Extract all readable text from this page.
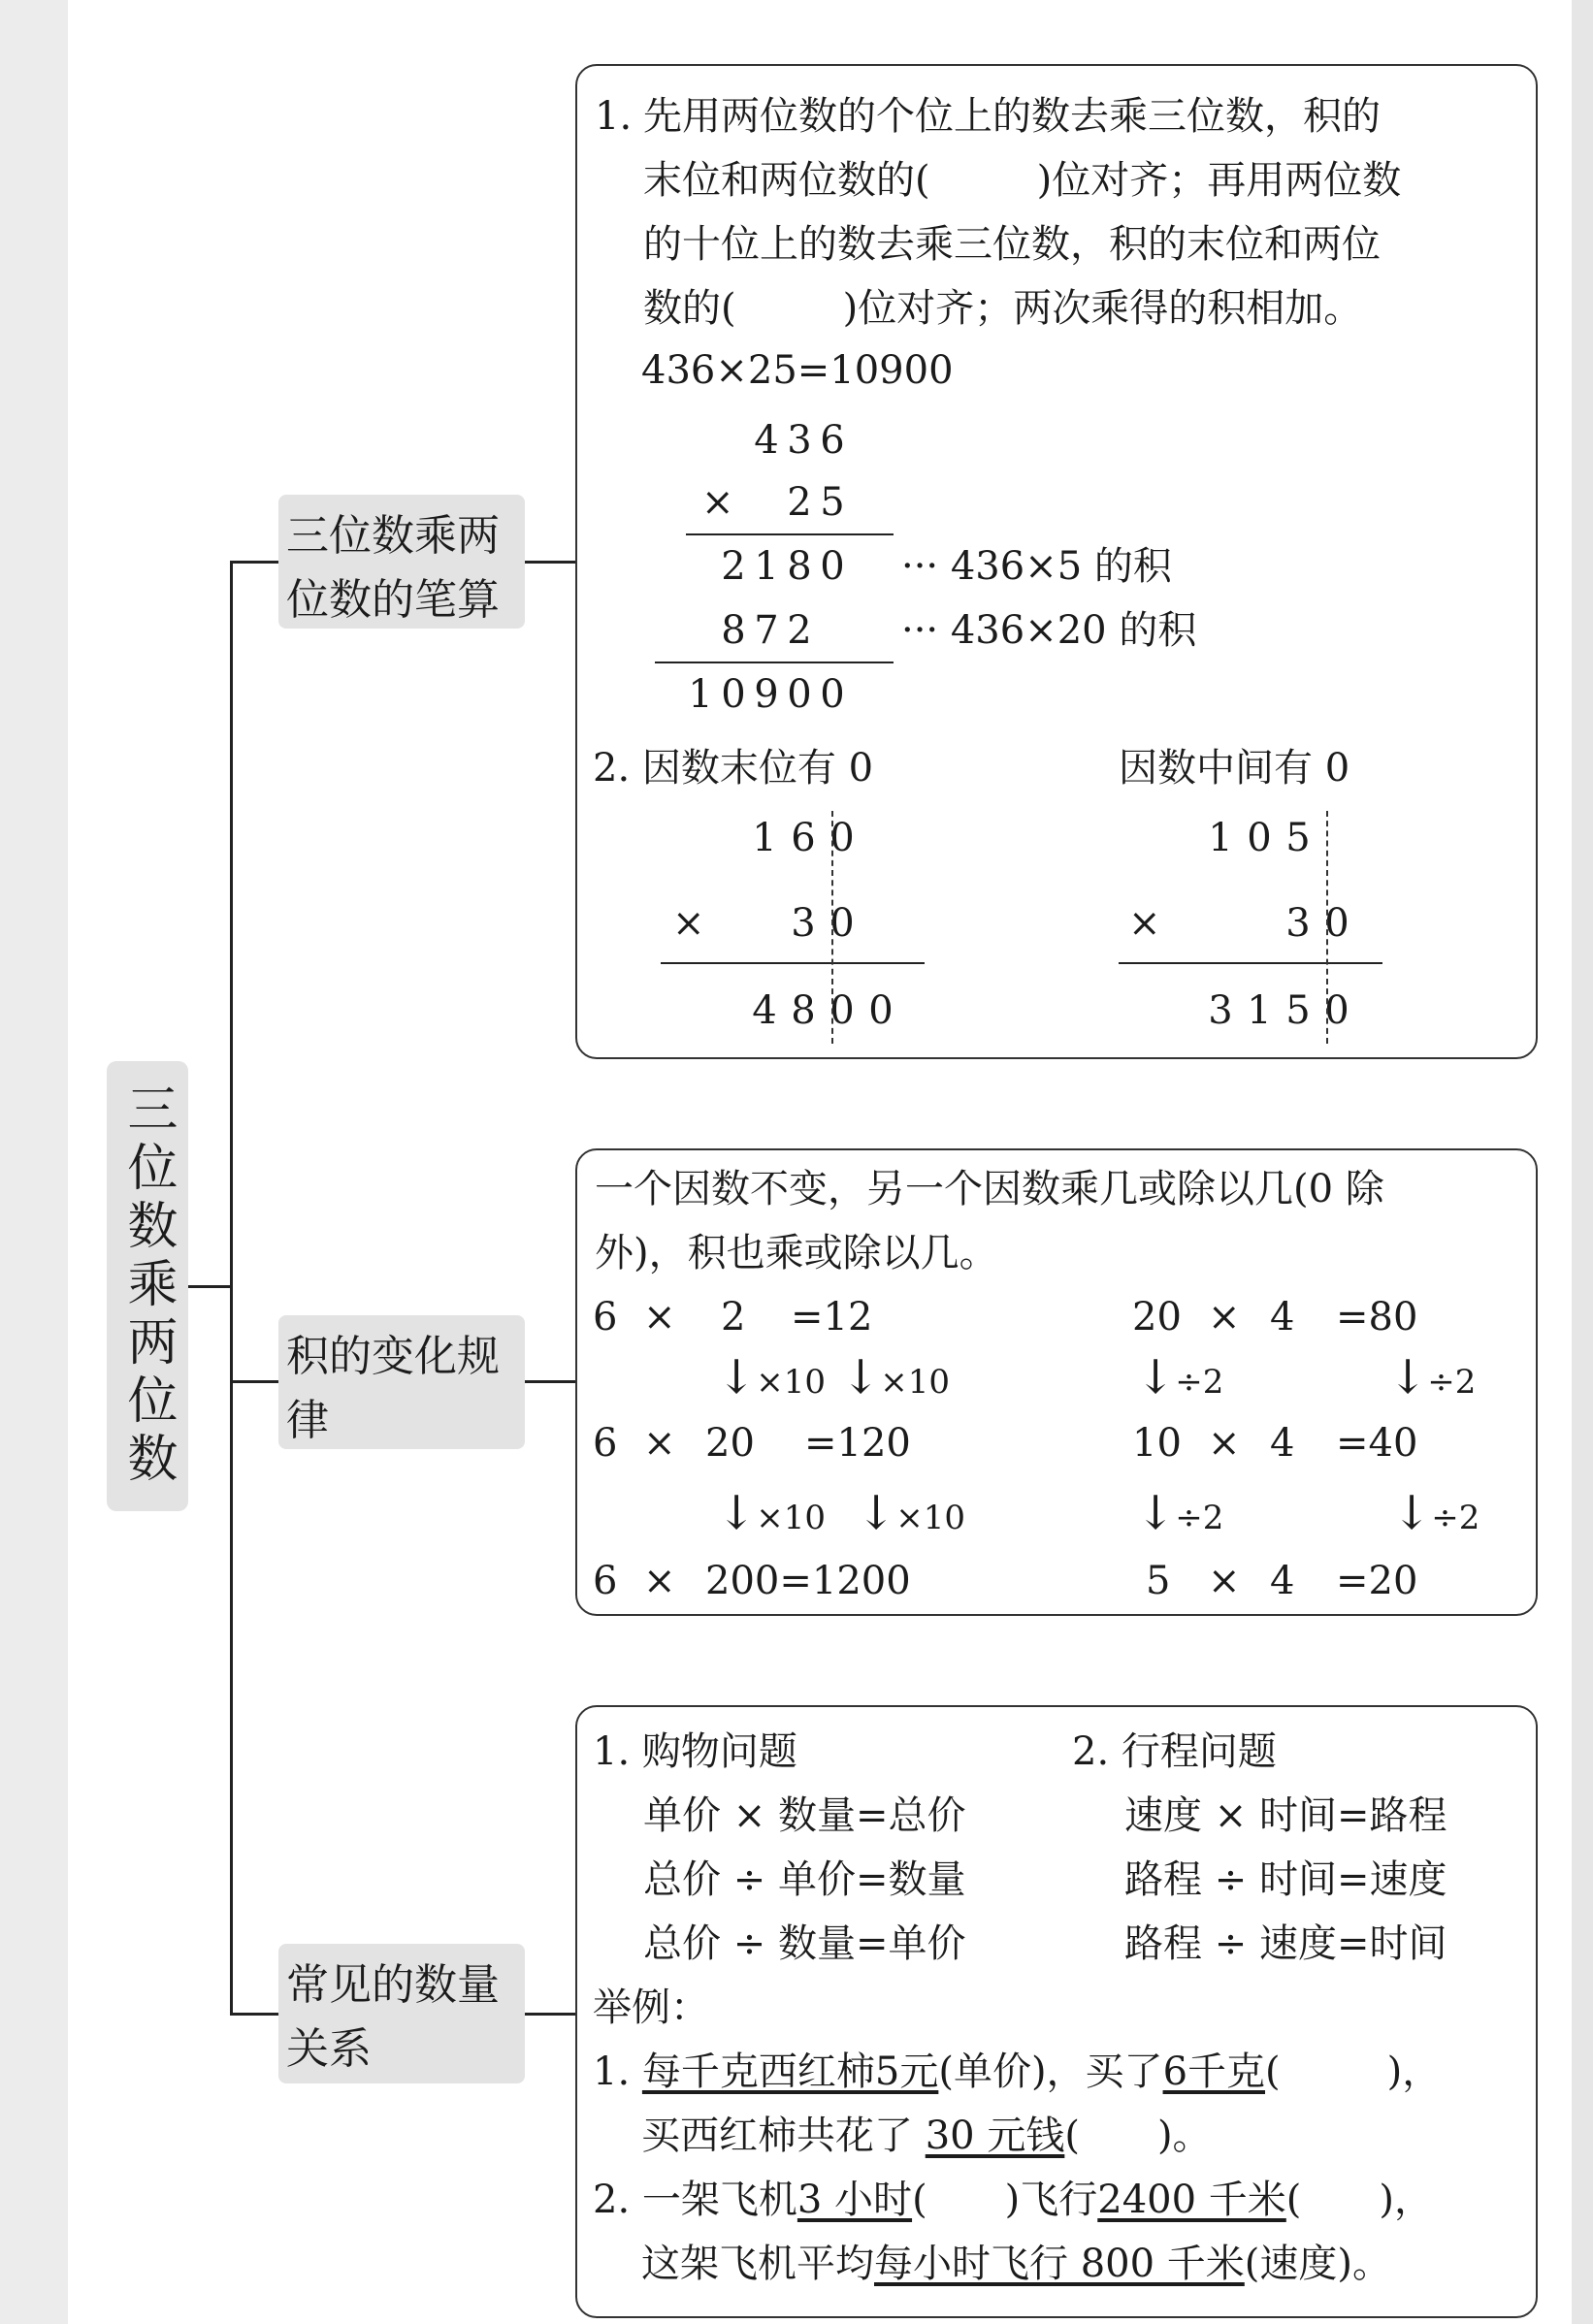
三位数乘两位数
三位数乘两位数的笔算
积的变化规律
常见的数量关系
1. 先用两位数的个位上的数去乘三位数，积的
末位和两位数的(	)位对齐；再用两位数
的十位上的数去乘三位数，积的末位和两位
数的(	)位对齐；两次乘得的积相加。
436×25=10900
4 3 6
× 2 5
2 1 8 0 ··· 436×5 的积
8 7 2 ··· 436×20 的积
1 0 9 0 0
2. 因数末位有 0
1 6 0
× 3 0
4 8 0 0
因数中间有 0
1 0 5
×	3 0
3 1 5 0
一个因数不变，另一个因数乘几或除以几(0 除
外)，积也乘或除以几。
6 × 2 =12
↓×10 ↓×10
6 × 20 =120
↓×10 ↓×10
6 × 200=1200
20 × 4 =80
↓÷2	↓÷2
10 × 4 =40
↓÷2	↓÷2
5 × 4 =20
1. 购物问题
单价 × 数量=总价
总价 ÷ 单价=数量
总价 ÷ 数量=单价
2. 行程问题
速度 × 时间=路程
路程 ÷ 时间=速度
路程 ÷ 速度=时间
举例：
1. 每千克西红柿5元(单价)，买了6千克(	)，
买西红柿共花了 30 元钱( )。
2. 一架飞机3 小时( )飞行2400 千米( )，
这架飞机平均每小时飞行 800 千米(速度)。
